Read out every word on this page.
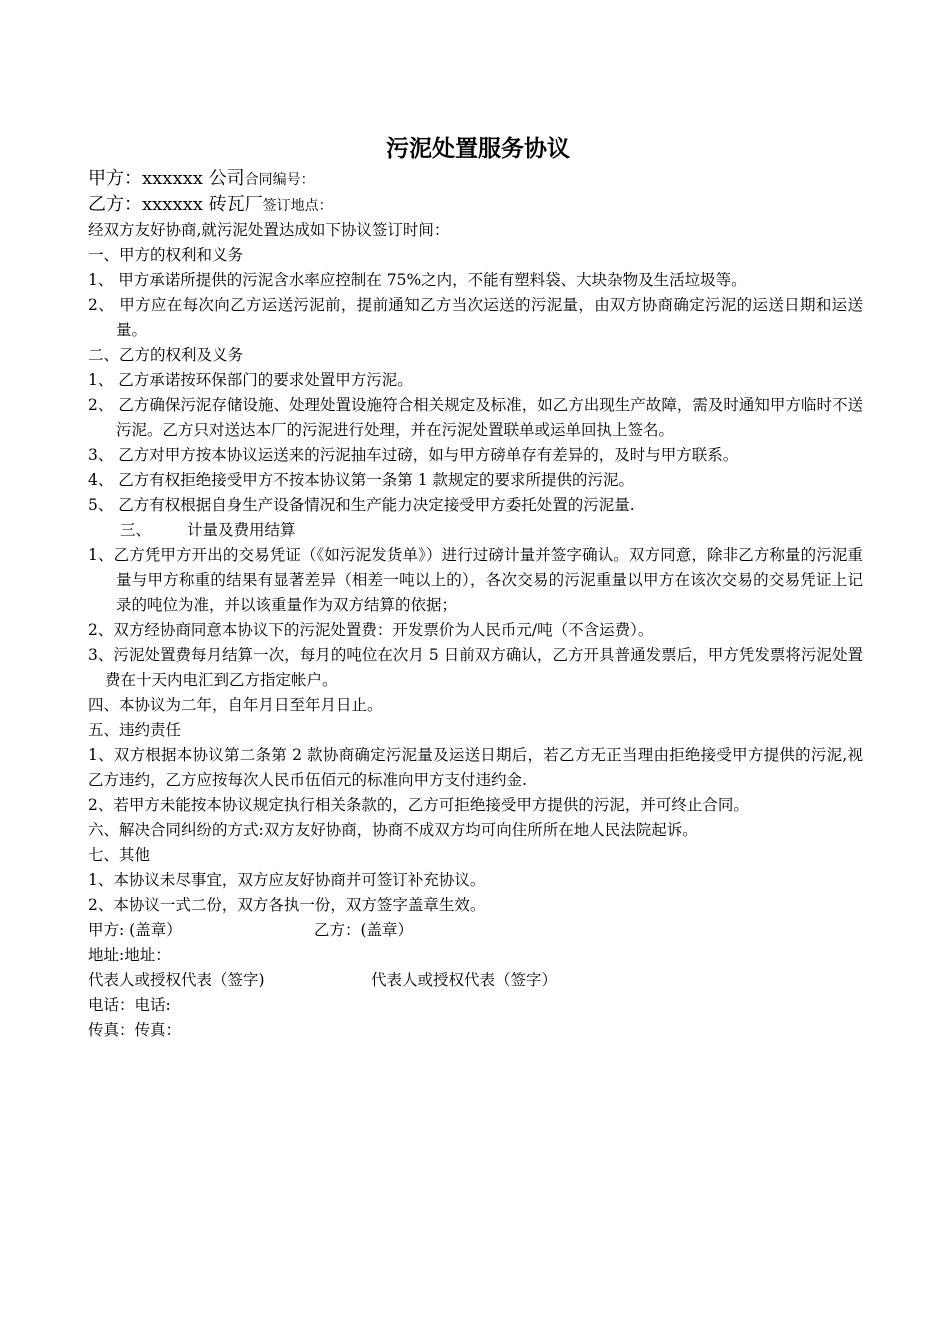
污泥处置服务协议
甲方：xxxxxx 公司合同编号：
乙方：xxxxxx 砖瓦厂签订地点：
经双方友好协商,就污泥处置达成如下协议签订时间：
一、甲方的权利和义务
1、 甲方承诺所提供的污泥含水率应控制在 75%之内，不能有塑料袋、大块杂物及生活垃圾等。
2、 甲方应在每次向乙方运送污泥前，提前通知乙方当次运送的污泥量，由双方协商确定污泥的运送日期和运送量。
二、乙方的权利及义务
1、 乙方承诺按环保部门的要求处置甲方污泥。
2、 乙方确保污泥存储设施、处理处置设施符合相关规定及标准，如乙方出现生产故障，需及时通知甲方临时不送污泥。乙方只对送达本厂的污泥进行处理，并在污泥处置联单或运单回执上签名。
3、 乙方对甲方按本协议运送来的污泥抽车过磅，如与甲方磅单存有差异的，及时与甲方联系。
4、 乙方有权拒绝接受甲方不按本协议第一条第 1 款规定的要求所提供的污泥。
5、 乙方有权根据自身生产设备情况和生产能力决定接受甲方委托处置的污泥量.
三、 计量及费用结算
1、乙方凭甲方开出的交易凭证（《如污泥发货单》）进行过磅计量并签字确认。双方同意，除非乙方称量的污泥重量与甲方称重的结果有显著差异（相差一吨以上的），各次交易的污泥重量以甲方在该次交易的交易凭证上记录的吨位为准，并以该重量作为双方结算的依据；
2、双方经协商同意本协议下的污泥处置费：开发票价为人民币元/吨（不含运费）。
3、污泥处置费每月结算一次，每月的吨位在次月 5 日前双方确认，乙方开具普通发票后，甲方凭发票将污泥处置费在十天内电汇到乙方指定帐户。
四、本协议为二年，自年月日至年月日止。
五、违约责任
1、双方根据本协议第二条第 2 款协商确定污泥量及运送日期后，若乙方无正当理由拒绝接受甲方提供的污泥,视乙方违约，乙方应按每次人民币伍佰元的标准向甲方支付违约金.
2、若甲方未能按本协议规定执行相关条款的，乙方可拒绝接受甲方提供的污泥，并可终止合同。
六、解决合同纠纷的方式:双方友好协商，协商不成双方均可向住所所在地人民法院起诉。
七、其他
1、本协议未尽事宜，双方应友好协商并可签订补充协议。
2、本协议一式二份，双方各执一份，双方签字盖章生效。
甲方: (盖章）	乙方：(盖章）
地址:地址：
代表人或授权代表（签字)	代表人或授权代表（签字）
电话：电话:
传真：传真：
